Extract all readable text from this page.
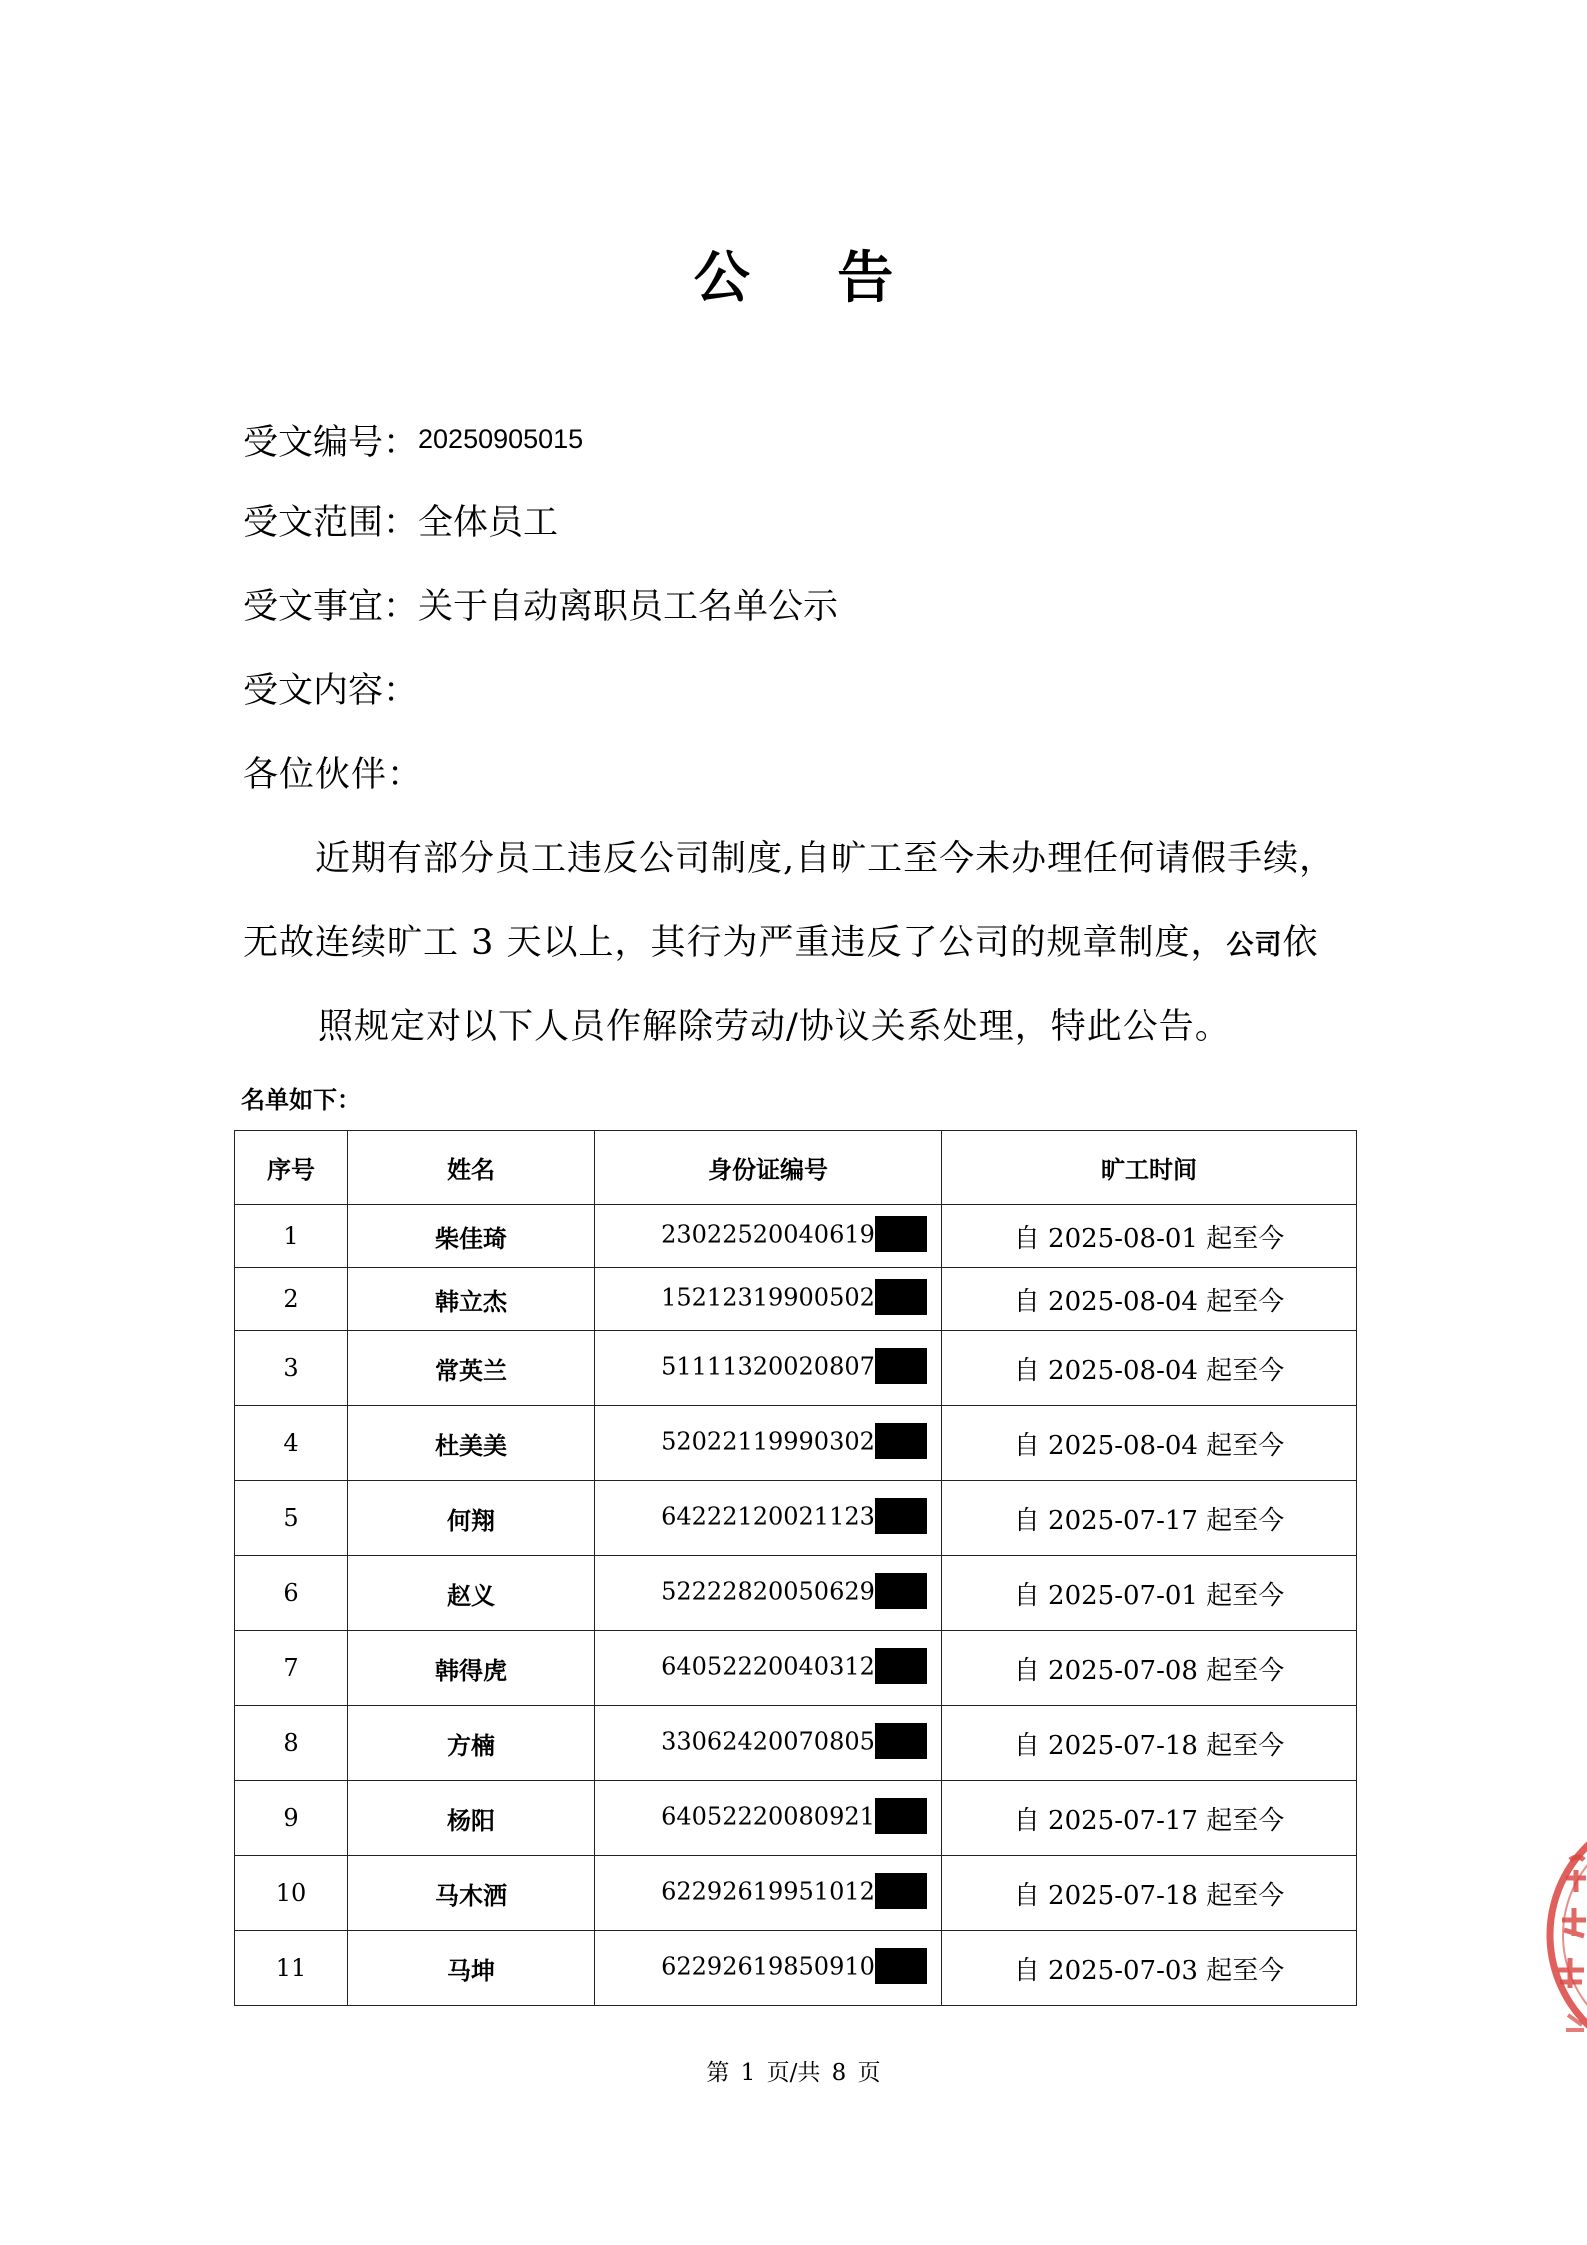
公 告
受文编号：20250905015
受文范围：全体员工
受文事宜：关于自动离职员工名单公示
受文内容：
各位伙伴：
近期有部分员工违反公司制度,自旷工至今未办理任何请假手续，
无故连续旷工 3 天以上，其行为严重违反了公司的规章制度，公司依
照规定对以下人员作解除劳动/协议关系处理，特此公告。
名单如下：
序号	姓名	身份证编号	旷工时间
1	柴佳琦	23022520040619	自 2025-08-01 起至今
2	韩立杰	15212319900502	自 2025-08-04 起至今
3	常英兰	51111320020807	自 2025-08-04 起至今
4	杜美美	52022119990302	自 2025-08-04 起至今
5	何翔	64222120021123	自 2025-07-17 起至今
6	赵义	52222820050629	自 2025-07-01 起至今
7	韩得虎	64052220040312	自 2025-07-08 起至今
8	方楠	33062420070805	自 2025-07-18 起至今
9	杨阳	64052220080921	自 2025-07-17 起至今
10	马木洒	62292619951012	自 2025-07-18 起至今
11	马坤	62292619850910	自 2025-07-03 起至今
第 1 页/共 8 页
